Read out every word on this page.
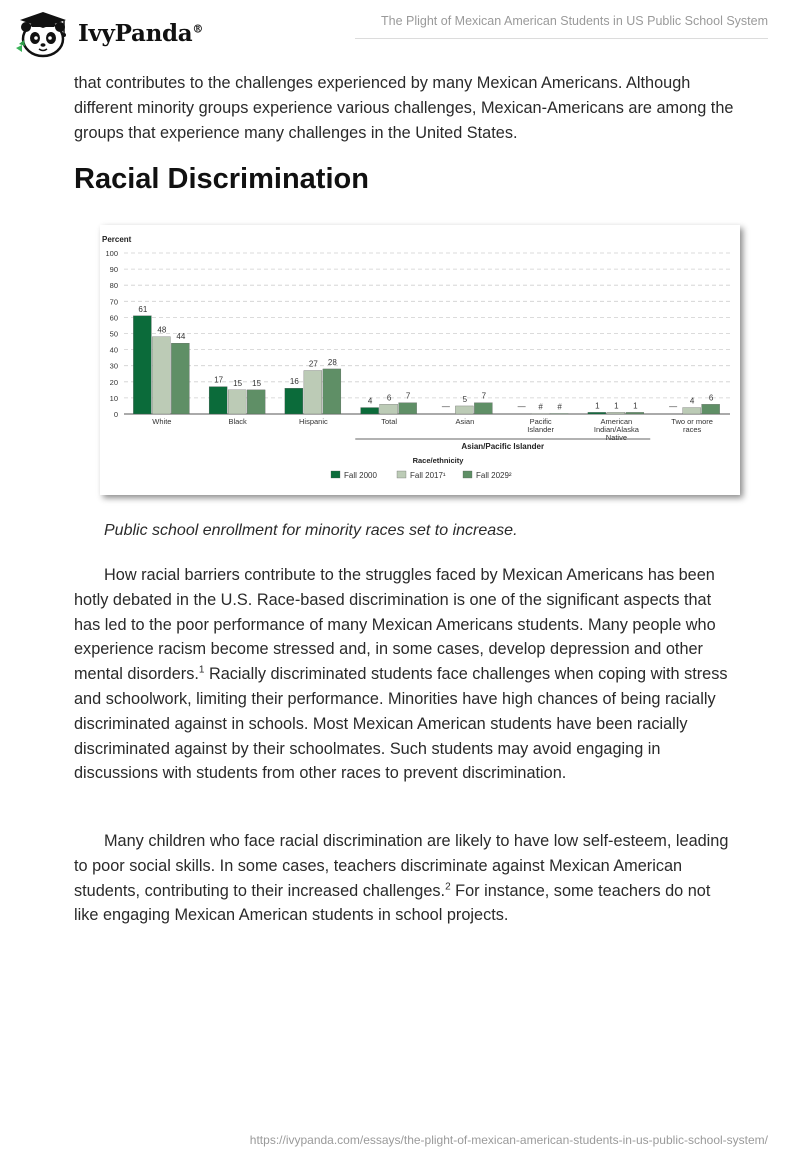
IvyPanda®
The Plight of Mexican American Students in US Public School System

that contributes to the challenges experienced by many Mexican Americans. Although different minority groups experience various challenges, Mexican-Americans are among the groups that experience many challenges in the United States.

Racial Discrimination
Percent
0
10
20
30
40
50
60
70
80
90
100
61
48
44
White
17 15 15
Black
16
27 28
Hispanic
4 6 7
Total
—
5 7
Asian
— # #
Pacific
Islander
1 1 1
American
Indian/Alaska
Native
—
4 6
Two or more
races
Asian/Pacific Islander
Race/ethnicity
Fall 2000	Fall 2017¹	Fall 2029²

Public school enrollment for minority races set to increase.

How racial barriers contribute to the struggles faced by Mexican Americans has been hotly debated in the U.S. Race-based discrimination is one of the significant aspects that has led to the poor performance of many Mexican Americans students. Many people who experience racism become stressed and, in some cases, develop depression and other mental disorders.$^1$ Racially discriminated students face challenges when coping with stress and schoolwork, limiting their performance. Minorities have high chances of being racially discriminated against in schools. Most Mexican American students have been racially discriminated against by their schoolmates. Such students may avoid engaging in discussions with students from other races to prevent discrimination.

Many children who face racial discrimination are likely to have low self-esteem, leading to poor social skills. In some cases, teachers discriminate against Mexican American students, contributing to their increased challenges.$^2$ For instance, some teachers do not like engaging Mexican American students in school projects.

https://ivypanda.com/essays/the-plight-of-mexican-american-students-in-us-public-school-system/
